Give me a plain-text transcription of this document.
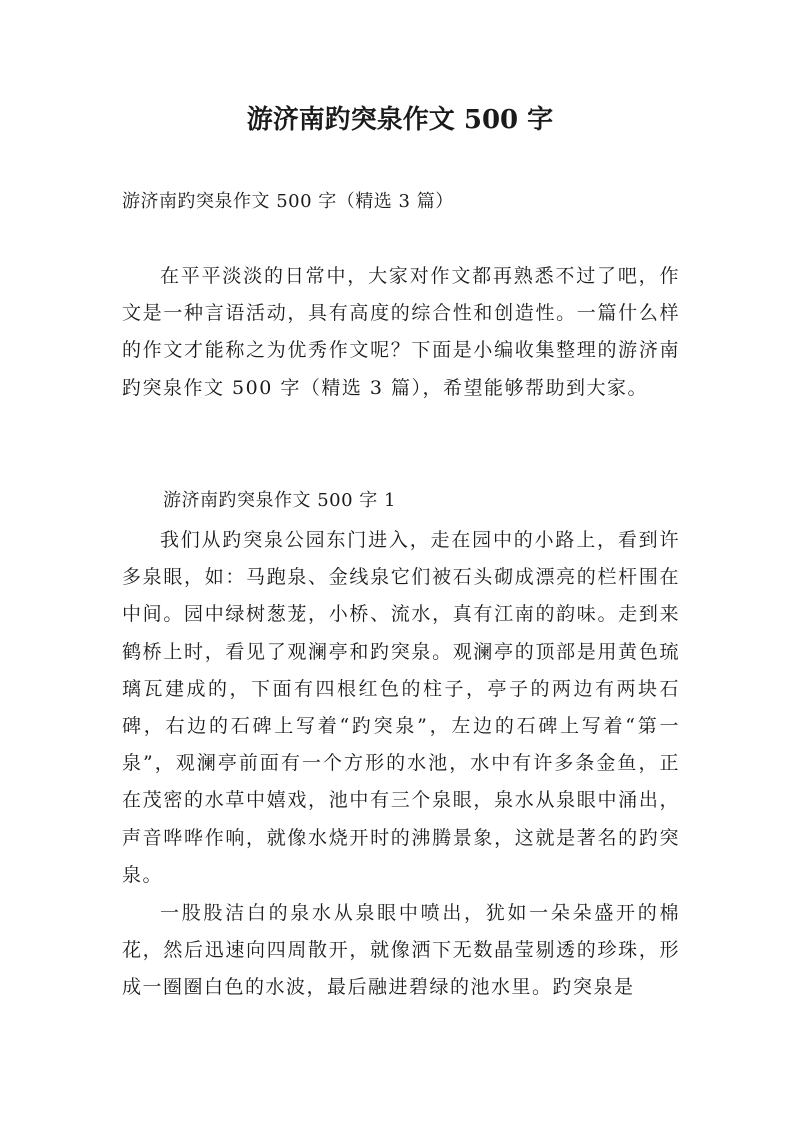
游济南趵突泉作文 500 字
游济南趵突泉作文 500 字（精选 3 篇）

在平平淡淡的日常中，大家对作文都再熟悉不过了吧，作文是一种言语活动，具有高度的综合性和创造性。一篇什么样的作文才能称之为优秀作文呢？下面是小编收集整理的游济南趵突泉作文 500 字（精选 3 篇），希望能够帮助到大家。

游济南趵突泉作文 500 字 1

我们从趵突泉公园东门进入，走在园中的小路上，看到许多泉眼，如：马跑泉、金线泉它们被石头砌成漂亮的栏杆围在中间。园中绿树葱茏，小桥、流水，真有江南的韵味。走到来鹤桥上时，看见了观澜亭和趵突泉。观澜亭的顶部是用黄色琉璃瓦建成的，下面有四根红色的柱子，亭子的两边有两块石碑，右边的石碑上写着“趵突泉”，左边的石碑上写着“第一泉”，观澜亭前面有一个方形的水池，水中有许多条金鱼，正在茂密的水草中嬉戏，池中有三个泉眼，泉水从泉眼中涌出，声音哗哗作响，就像水烧开时的沸腾景象，这就是著名的趵突泉。

一股股洁白的泉水从泉眼中喷出，犹如一朵朵盛开的棉花，然后迅速向四周散开，就像洒下无数晶莹剔透的珍珠，形成一圈圈白色的水波，最后融进碧绿的池水里。趵突泉是
